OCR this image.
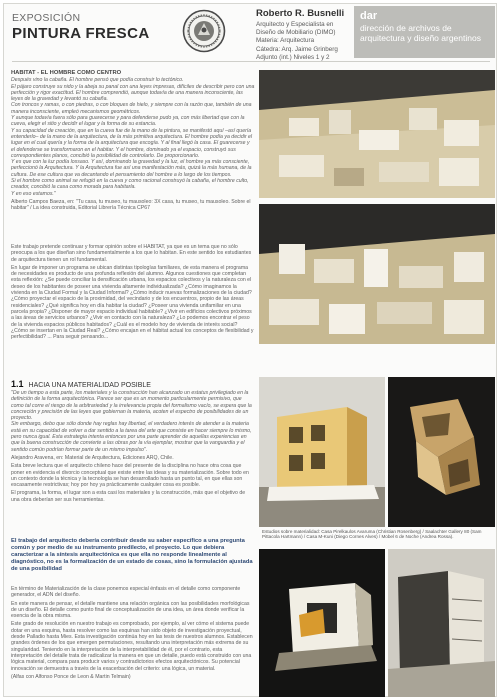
EXPOSICIÓN
PINTURA FRESCA
Roberto R. Busnelli
Arquitecto y Especialista en
Diseño de Mobiliario (DIMO)
Materia: Arquitectura
Cátedra: Arq. Jaime Grinberg
Adjunto (int.) Niveles 1 y 2
dar
dirección de archivos de arquitectura y diseño argentinos
HABITAT - EL HOMBRE COMO CENTRO
Después vino la cabaña. El hombre pensó que podía construir lo tectónico.
El pájaro construye su nido y la abeja su panal con una leyes impresas, difíciles de describir pero con una perfección y rigor exactitud. El hombre comprendió, aunque todavía de una manera inconsciente, las leyes de la gravedad y levantó su cabaña.
Con troncos y ramas, o con piedras, o con bloques de hielo, y siempre con la razón que, también de una manera inconsciente, empleó mecanismos geométricos.
Y aunque todavía fuera sólo para guarecerse y para defenderse pudo ya, con más libertad que con la cueva, elegir el sitio y decidir el lugar y la forma de su estancia.
Y su capacidad de creación, que en la cueva fue de la mano de la pintura, se manifestó aquí –así quería entenderlo– de la mano de la arquitectura, de la más primitiva arquitectura. El hombre podía ya decidir el lugar en el cual quería y la forma de la arquitectura que escogía. Y al final llegó la casa. El guarecerse y el defenderse se transformaron en el habitar. Y el hombre, dominado ya el espacio, construyó sus correspondientes planos, concibió la posibilidad de controlarlo. De proporcionarlo.
Y es que con la luz podía lossaso. Y así, dominando la gravedad y la luz, el hombre ya más consciente, perfeccionó la Arquitectura. Y la Arquitectura fue así una manifestación más, quizá la más humana, de la cultura. De ese cultura que va decantando el pensamiento del hombre a lo largo de los tiempos.
Si el hombre como animal se refugió en la cueva y como racional construyó la cabaña, el hombre culto, creador, concibió la casa como morada para habitarla.
Y en eso estamos."
Alberto Campos Baeza, en: "Tu casa, tu museo, tu mausoleo: 3X casa, tu museo, tu mausoleo. Sobre el habitar" / La idea construida, Editorial Librería Técnica CP67
Este trabajo pretende continuar y formar opinión sobre el HABITAT, ya que es un tema que no sólo preocupa a los que diseñan sino fundamentalmente a los que lo habitan. En este sentido los estudiantes de arquitectura tienen un rol fundamental.
En lugar de imponer un programa se ubican distintas tipologías familiares, de esta manera el programa de necesidades es producto de una profunda reflexión del alumno. Algunos cuestiones que completan esta reflexión: ¿Se puede conciliar la densificación urbana, los espacios colectivos y la naturaleza con el deseo de los habitantes de poseer una vivienda altamente individualizada? ¿Cómo imaginamos la vivienda en la Ciudad Formal y la Ciudad Informal? ¿Cómo inducir nuevas formalizaciones de la ciudad? ¿Cómo proyectar el espacio de la proximidad, del vecindario y de los encuentros, propio de las áreas residenciales? ¿Qué significa hoy en día habitar la ciudad? ¿Poseer una vivienda unifamiliar en una parcela propia? ¿Disponer de mayor espacio individual habitable? ¿Vivir en edificios colectivos próximos a las áreas de servicios urbanos? ¿Vivir en contacto con la naturaleza? ¿Lo podemos encontrar el peso de la vivienda espacios públicos habitados? ¿Cuál es el modelo hoy de vivienda de interés social? ¿Cómo se insertan en la Ciudad Real? ¿Cómo encajan en el hábitat actual los conceptos de flexibilidad y perfectibilidad? ... Para seguir pensando...
1.1 HACIA UNA MATERIALIDAD POSIBLE
"De un tiempo a esta parte, los materiales y la construcción han alcanzado un estatus privilegiado en la definición de la forma arquitectónica. Parece ser que es un momento particularmente permisivo, que como tal corre el riesgo de la arbitrariedad y la irrelevancia propia del formalismo vacío, se espera que la concreción y precisión de las leyes que gobiernan la materia, acoten el espectro de posibilidades de un proyecto.
Sin embargo, debo que sólo donde hay reglas hay libertad, el verdadero interés de atender a la materia está en su capacidad de volver a dar sentido a la tarea del arte que consiste en hacer siempre lo mismo, pero nunca igual. Esta estrategia intenta entonces por una parte aprender de aquellas experiencias en que la buena construcción de convierte a las obras por la vía ejemplar, mostrar que la vanguardia y el sentido común podrían formar parte de un mismo impulso".
Alejandro Aravena, en: Material de Arquitectura, Ediciones ARQ, Chile.
Esta breve lectura que el arquitecto chileno hace del presente de la disciplina no hace otra cosa que poner en evidencia el divorcio conceptual que existe entre las ideas y su materialización. Sobre todo en un contexto donde la técnica y la tecnología se han desarrollado hasta un punto tal, en que ellas son escasamente restrictivas; hoy por hoy ya prácticamente cualquier cosa es posible.
El programa, la forma, el lugar son a esta casi los materiales y la construcción, más que el objetivo de una obra deberían ser sus herramientas.
El trabajo del arquitecto debería contribuir desde su saber específico a una pregunta común y por medio de su instrumento predilecto, el proyecto. Lo que debiera caracterizar a la síntesis arquitectónica es que ella no responde linealmente al diagnóstico, no es la formalización de un estado de cosas, sino la formulación ajustada de una posibilidad
En término de Materialización de la clase ponemos especial énfasis en el detalle como componente generador, el ADN del diseño.
En este manera de pensar, el detalle mantiene una relación orgánica con las posibilidades morfológicas de un diseño. El detalle como punto final de conceptualización de una idea, un área donde verificar la esencia de la obra misma.
Este grado de resolución en nuestro trabajo es comprobado, por ejemplo, al ver cómo el sistema puede dotar en una esquina, hasta resolver como las esquinas han sido objeto de investigación proyectual, desde Palladio hasta Mies. Esta investigación continúa hoy en las tesis de nuestros alumnos. Establecen grandes órdenes de los que emergen permutaciones, resultando una interpretación más extrema de su singularidad. Teniendo en la interpretación de la interpretabilidad de él, por el contrario, esta interpretación del detalle trata de radicalizar la manera en que un detalle, puedo está construido con una lógica material, compara para producir varios y contradictorios efectos arquitectónicos. Su potencial innovación se demuestra a través de la exacerbación del criterio: una lógica, un material.
(Alfas con Alfonso Ponce de Leon & Martin Telmain)
Estudios sobre materialidad: Casa Pirelkaulos Avaruma (Christian Rosenberg) / Saalachter Gallery 80 (Sam Pittacola Hartmann) / Casa M-Kuni (Diego Cornes Alves) / Mobel 6 de Noche (Andrea Rossa).
